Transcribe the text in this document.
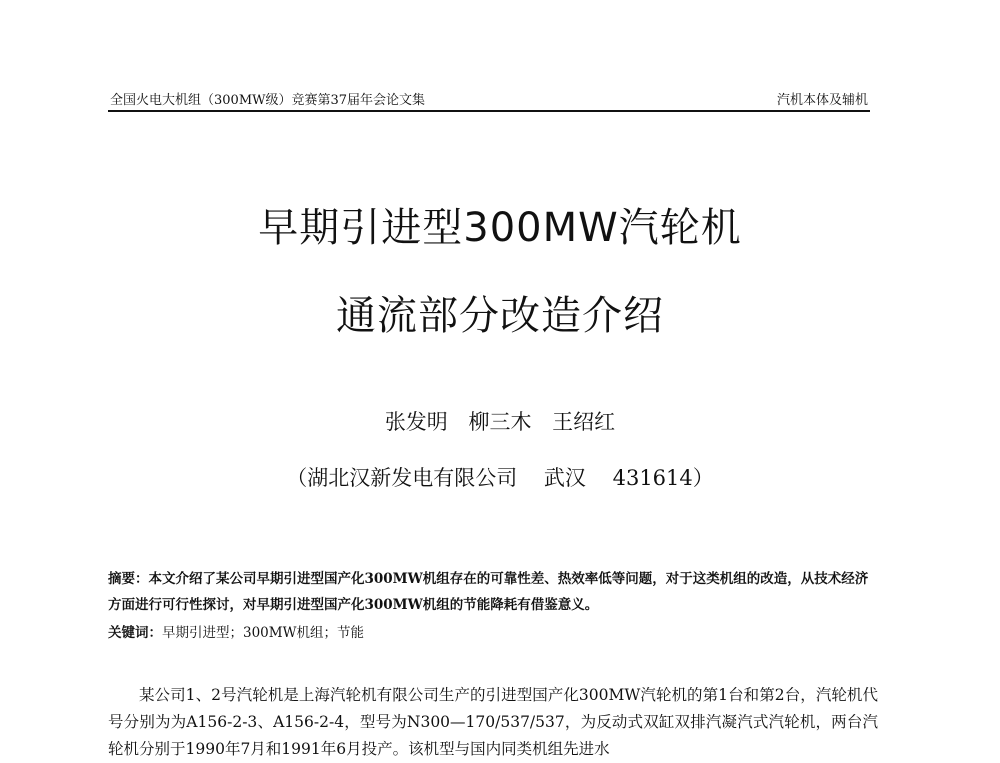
全国火电大机组（300MW级）竞赛第37届年会论文集	汽机本体及辅机
早期引进型300MW汽轮机
通流部分改造介绍
张发明 柳三木 王绍红
（湖北汉新发电有限公司 武汉 431614）
摘要：本文介绍了某公司早期引进型国产化300MW机组存在的可靠性差、热效率低等问题，对于这类机组的改造，从技术经济方面进行可行性探讨，对早期引进型国产化300MW机组的节能降耗有借鉴意义。
关键词：早期引进型；300MW机组；节能
某公司1、2号汽轮机是上海汽轮机有限公司生产的引进型国产化300MW汽轮机的第1台和第2台，汽轮机代号分别为为A156-2-3、A156-2-4，型号为N300—170/537/537，为反动式双缸双排汽凝汽式汽轮机，两台汽轮机分别于1990年7月和1991年6月投产。该机型与国内同类机组先进水
